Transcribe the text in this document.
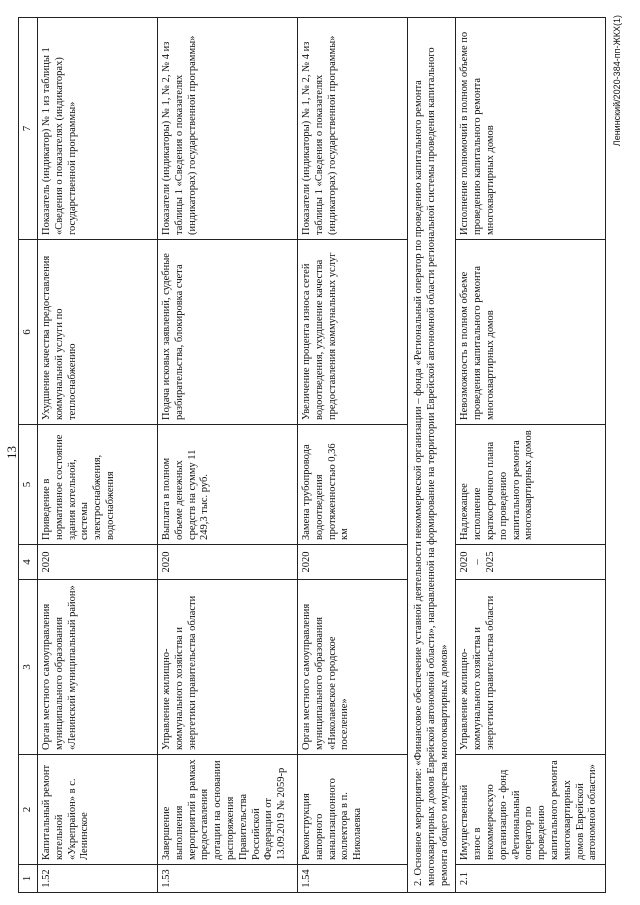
13
1	2	3	4	5	6	7
1.52	Капитальный ремонт котельной «Укрепрайон» в с. Ленинское	Орган местного самоуправления муниципального образования «Ленинский муниципальный район»	2020	Приведение в нормативное состояние здания котельной, системы электроснабжения, водоснабжения	Ухудшение качества предоставления коммунальной услуги по теплоснабжению	Показатель (индикатор) № 1 из таблицы 1 «Сведения о показателях (индикаторах) государственной программы»
1.53	Завершение выполнения мероприятий в рамках предоставления дотации на основании распоряжения Правительства Российской Федерации от 13.09.2019 № 2059-р	Управление жилищно-коммунального хозяйства и энергетики правительства области	2020	Выплата в полном объеме денежных средств на сумму 11 249,3 тыс. руб.	Подача исковых заявлений, судебные разбирательства, блокировка счета	Показатели (индикаторы) № 1, № 2, № 4 из таблицы 1 «Сведения о показателях (индикаторах) государственной программы»
1.54	Реконструкция напорного канализационного коллектора в п. Николаевка	Орган местного самоуправления муниципального образования «Николаевское городское поселение»	2020	Замена трубопровода водоотведения протяженностью 0,36 км	Увеличение процента износа сетей водоотведения, ухудшение качества предоставления коммунальных услуг	Показатели (индикаторы) № 1, № 2, № 4 из таблицы 1 «Сведения о показателях (индикаторах) государственной программы»
2. Основное мероприятие: «Финансовое обеспечение уставной деятельности некоммерческой организации – фонда «Региональный оператор по проведению капитального ремонта многоквартирных домов Еврейской автономной области», направленной на формирование на территории Еврейской автономной области региональной системы проведения капитального ремонта общего имущества многоквартирных домов»						
2.1	Имущественный взнос в некоммерческую организацию - фонд «Региональный оператор по проведению капитального ремонта многоквартирных домов Еврейской автономной области»	Управление жилищно-коммунального хозяйства и энергетики правительства области	2020 – 2025	Надлежащее исполнение краткосрочного плана по проведению капитального ремонта многоквартирных домов	Невозможность в полном объеме проведения капитального ремонта многоквартирных домов	Исполнение полномочий в полном объеме по проведению капитального ремонта многоквартирных домов
Ленинский/2020-384-пп-ЖКХ(1)
